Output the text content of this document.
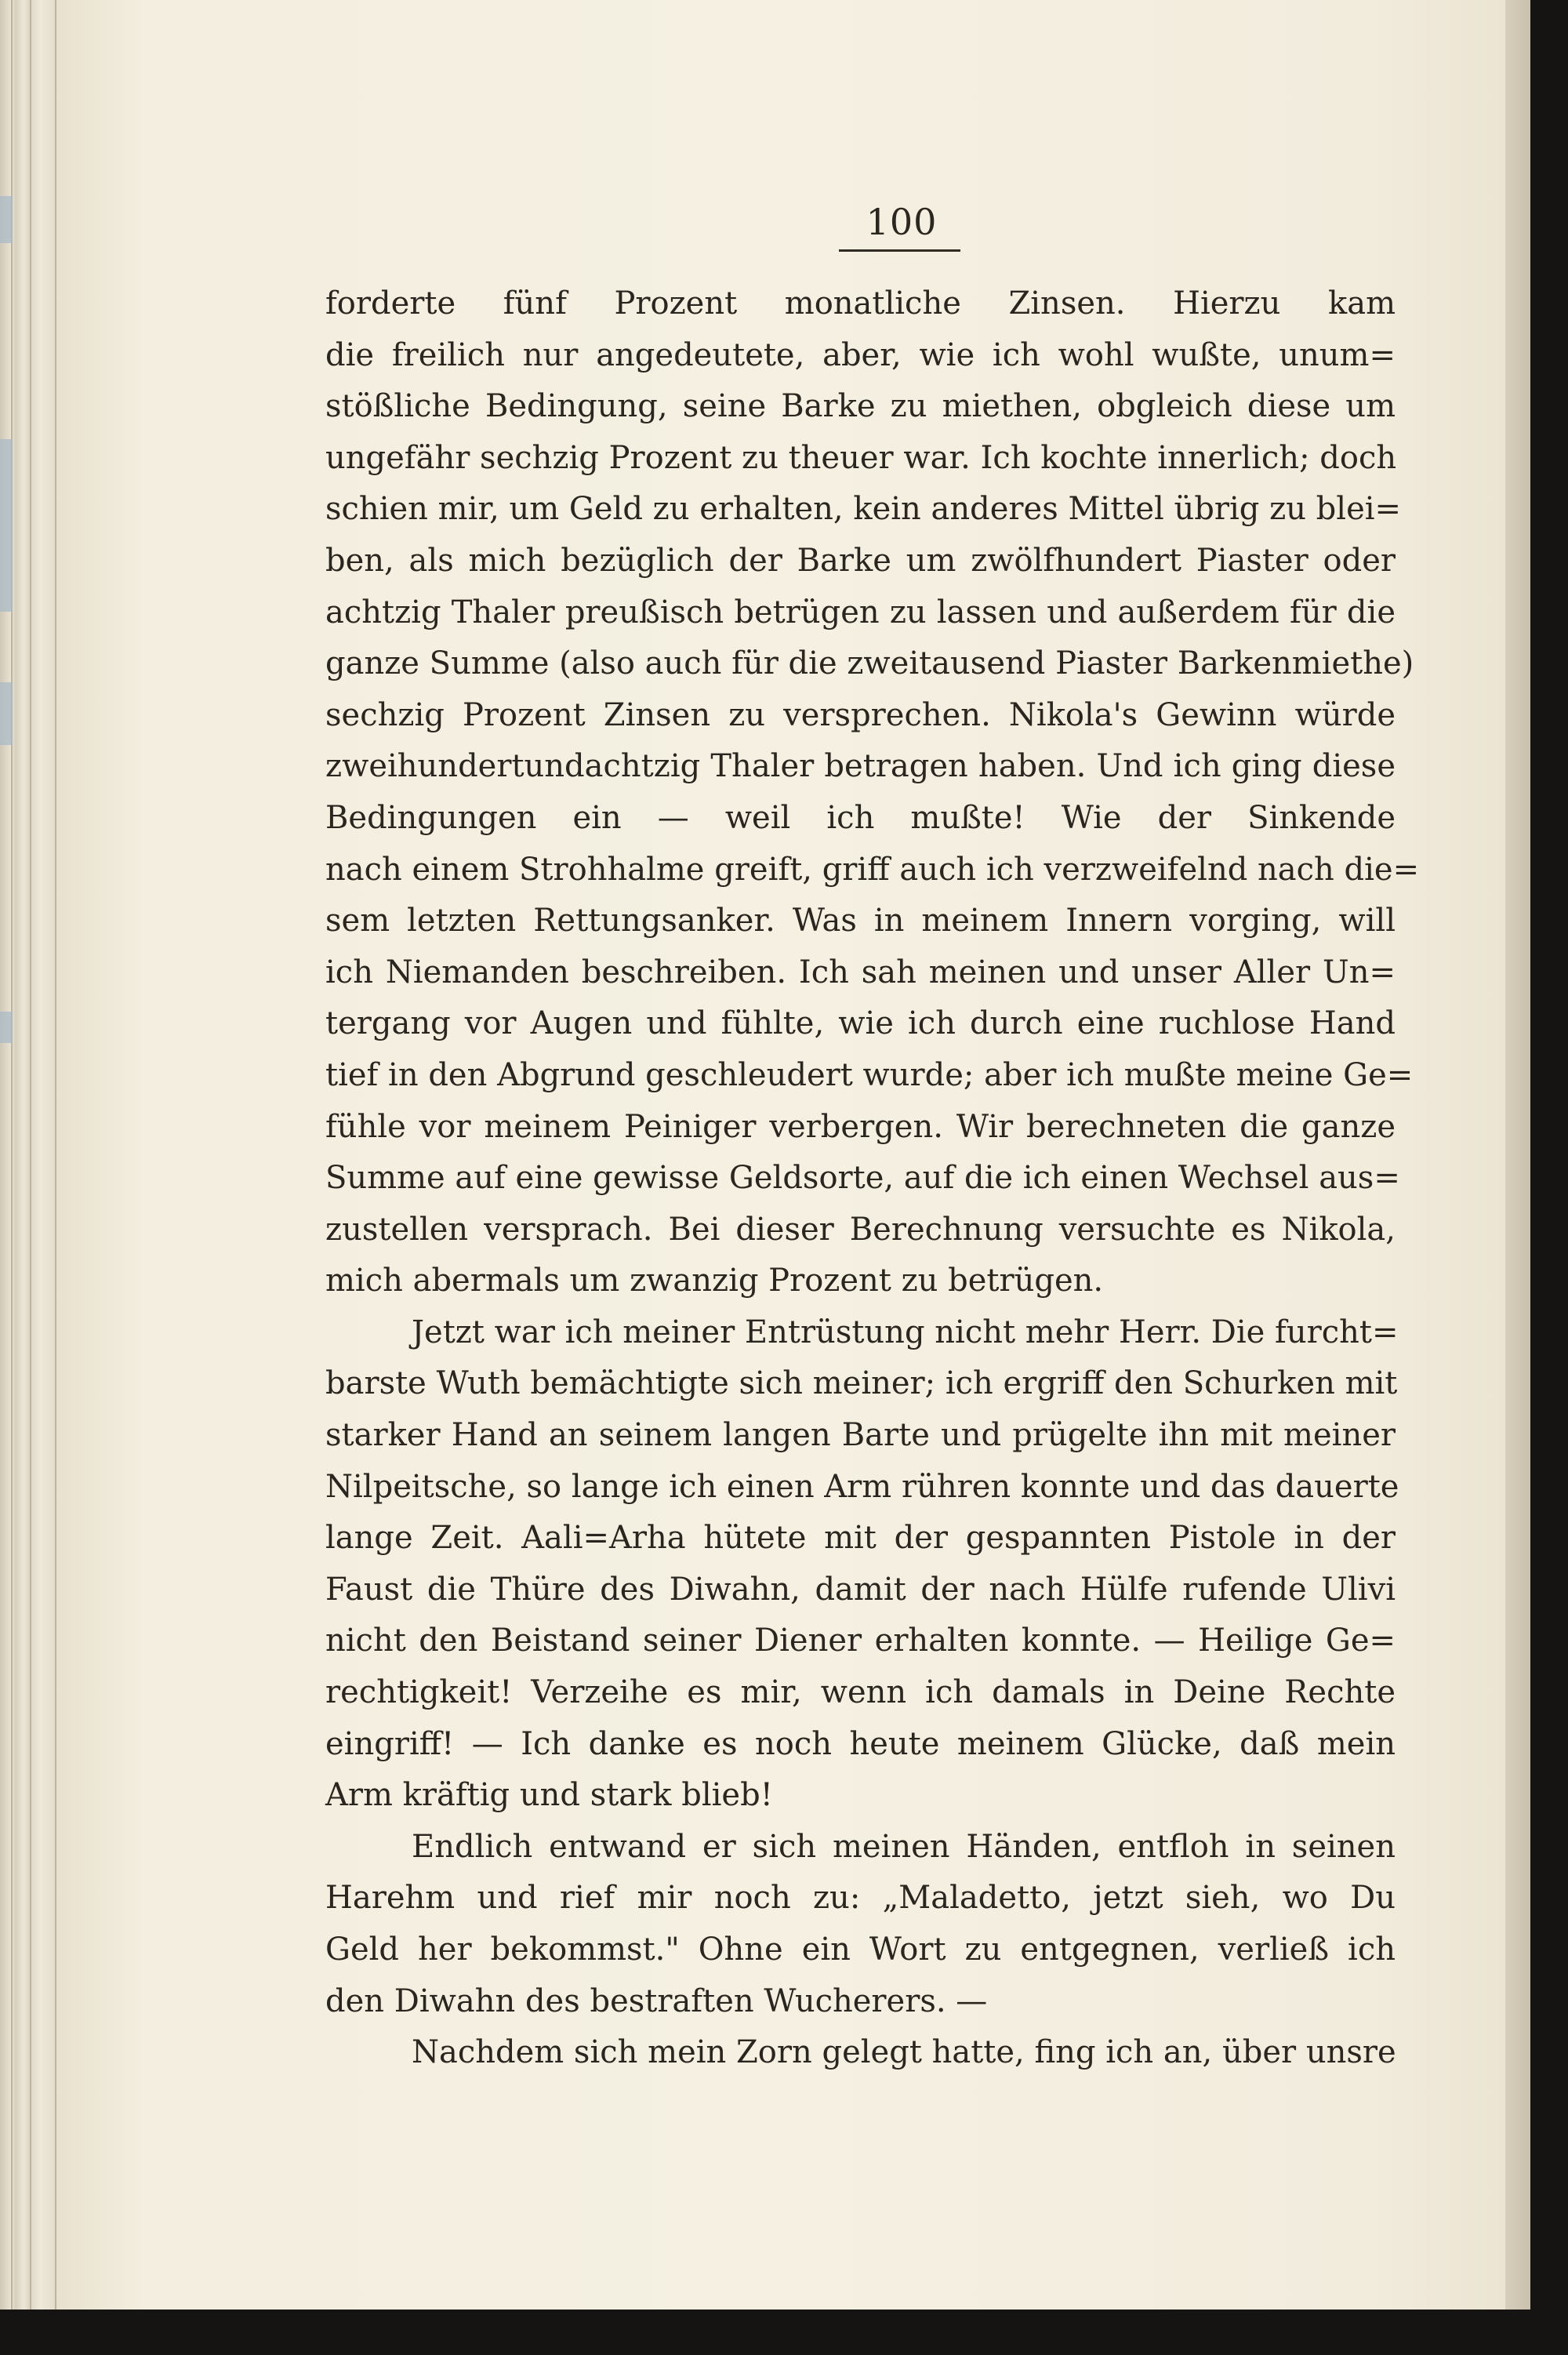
100
forderte fünf Prozent monatliche Zinsen. Hierzu kam
die freilich nur angedeutete, aber, wie ich wohl wußte, unum=
stößliche Bedingung, seine Barke zu miethen, obgleich diese um
ungefähr sechzig Prozent zu theuer war. Ich kochte innerlich; doch
schien mir, um Geld zu erhalten, kein anderes Mittel übrig zu blei=
ben, als mich bezüglich der Barke um zwölfhundert Piaster oder
achtzig Thaler preußisch betrügen zu lassen und außerdem für die
ganze Summe (also auch für die zweitausend Piaster Barkenmiethe)
sechzig Prozent Zinsen zu versprechen. Nikola's Gewinn würde
zweihundertundachtzig Thaler betragen haben. Und ich ging diese
Bedingungen ein — weil ich mußte! Wie der Sinkende
nach einem Strohhalme greift, griff auch ich verzweifelnd nach die=
sem letzten Rettungsanker. Was in meinem Innern vorging, will
ich Niemanden beschreiben. Ich sah meinen und unser Aller Un=
tergang vor Augen und fühlte, wie ich durch eine ruchlose Hand
tief in den Abgrund geschleudert wurde; aber ich mußte meine Ge=
fühle vor meinem Peiniger verbergen. Wir berechneten die ganze
Summe auf eine gewisse Geldsorte, auf die ich einen Wechsel aus=
zustellen versprach. Bei dieser Berechnung versuchte es Nikola,
mich abermals um zwanzig Prozent zu betrügen.
Jetzt war ich meiner Entrüstung nicht mehr Herr. Die furcht=
barste Wuth bemächtigte sich meiner; ich ergriff den Schurken mit
starker Hand an seinem langen Barte und prügelte ihn mit meiner
Nilpeitsche, so lange ich einen Arm rühren konnte und das dauerte
lange Zeit. Aali=Arha hütete mit der gespannten Pistole in der
Faust die Thüre des Diwahn, damit der nach Hülfe rufende Ulivi
nicht den Beistand seiner Diener erhalten konnte. — Heilige Ge=
rechtigkeit! Verzeihe es mir, wenn ich damals in Deine Rechte
eingriff! — Ich danke es noch heute meinem Glücke, daß mein
Arm kräftig und stark blieb!
Endlich entwand er sich meinen Händen, entfloh in seinen
Harehm und rief mir noch zu: „Maladetto, jetzt sieh, wo Du
Geld her bekommst." Ohne ein Wort zu entgegnen, verließ ich
den Diwahn des bestraften Wucherers. —
Nachdem sich mein Zorn gelegt hatte, fing ich an, über unsre
